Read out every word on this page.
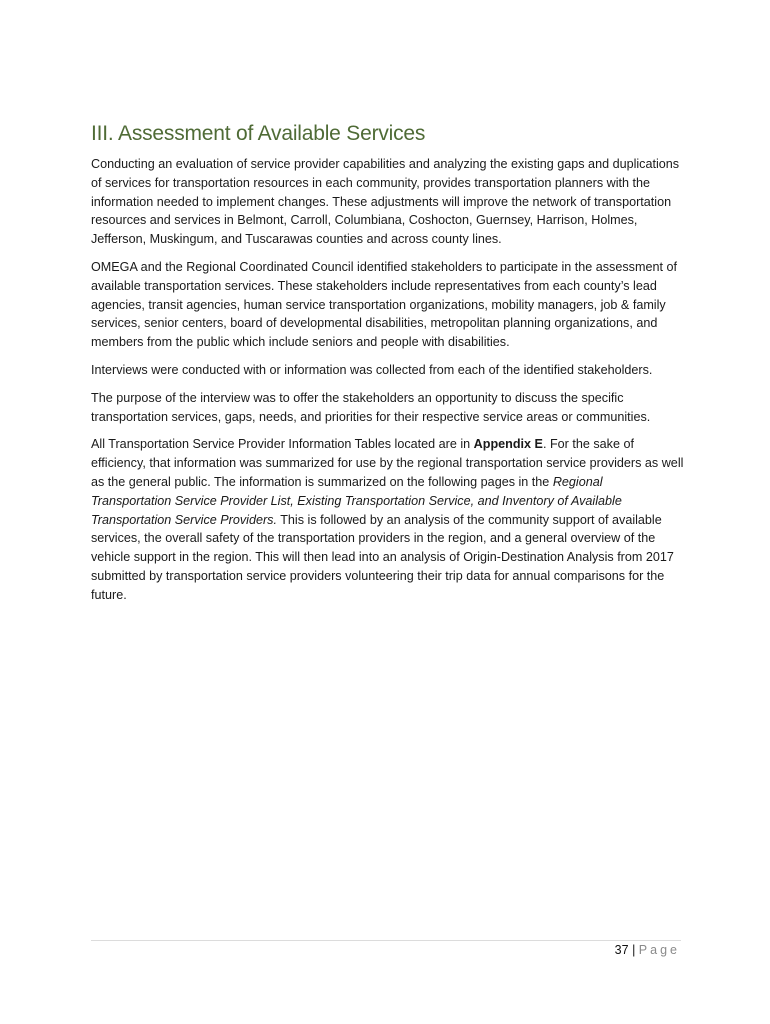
III. Assessment of Available Services

Conducting an evaluation of service provider capabilities and analyzing the existing gaps and duplications of services for transportation resources in each community, provides transportation planners with the information needed to implement changes. These adjustments will improve the network of transportation resources and services in Belmont, Carroll, Columbiana, Coshocton, Guernsey, Harrison, Holmes, Jefferson, Muskingum, and Tuscarawas counties and across county lines.

OMEGA and the Regional Coordinated Council identified stakeholders to participate in the assessment of available transportation services. These stakeholders include representatives from each county’s lead agencies, transit agencies, human service transportation organizations, mobility managers, job & family services, senior centers, board of developmental disabilities, metropolitan planning organizations, and members from the public which include seniors and people with disabilities.

Interviews were conducted with or information was collected from each of the identified stakeholders.

The purpose of the interview was to offer the stakeholders an opportunity to discuss the specific transportation services, gaps, needs, and priorities for their respective service areas or communities.

All Transportation Service Provider Information Tables located are in Appendix E. For the sake of efficiency, that information was summarized for use by the regional transportation service providers as well as the general public. The information is summarized on the following pages in the Regional Transportation Service Provider List, Existing Transportation Service, and Inventory of Available Transportation Service Providers. This is followed by an analysis of the community support of available services, the overall safety of the transportation providers in the region, and a general overview of the vehicle support in the region. This will then lead into an analysis of Origin-Destination Analysis from 2017 submitted by transportation service providers volunteering their trip data for annual comparisons for the future.

37 | Page
